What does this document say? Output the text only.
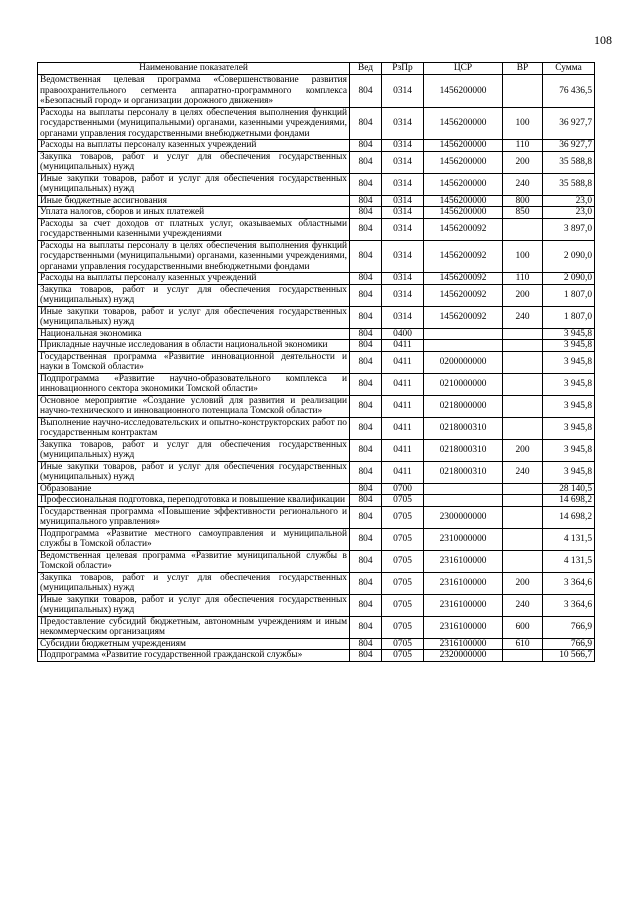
108
Наименование показателей	Вед	РзПр	ЦСР	ВР	Сумма
Ведомственная целевая программа «Совершенствование развития правоохранительного сегмента аппаратно-программного комплекса «Безопасный город» и организации дорожного движения»	804	0314	1456200000		76 436,5
Расходы на выплаты персоналу в целях обеспечения выполнения функций государственными (муниципальными) органами, казенными учреждениями, органами управления государственными внебюджетными фондами	804	0314	1456200000	100	36 927,7
Расходы на выплаты персоналу казенных учреждений	804	0314	1456200000	110	36 927,7
Закупка товаров, работ и услуг для обеспечения государственных (муниципальных) нужд	804	0314	1456200000	200	35 588,8
Иные закупки товаров, работ и услуг для обеспечения государственных (муниципальных) нужд	804	0314	1456200000	240	35 588,8
Иные бюджетные ассигнования	804	0314	1456200000	800	23,0
Уплата налогов, сборов и иных платежей	804	0314	1456200000	850	23,0
Расходы за счет доходов от платных услуг, оказываемых областными государственными казенными учреждениями	804	0314	1456200092		3 897,0
Расходы на выплаты персоналу в целях обеспечения выполнения функций государственными (муниципальными) органами, казенными учреждениями, органами управления государственными внебюджетными фондами	804	0314	1456200092	100	2 090,0
Расходы на выплаты персоналу казенных учреждений	804	0314	1456200092	110	2 090,0
Закупка товаров, работ и услуг для обеспечения государственных (муниципальных) нужд	804	0314	1456200092	200	1 807,0
Иные закупки товаров, работ и услуг для обеспечения государственных (муниципальных) нужд	804	0314	1456200092	240	1 807,0
Национальная экономика	804	0400			3 945,8
Прикладные научные исследования в области национальной экономики	804	0411			3 945,8
Государственная программа «Развитие инновационной деятельности и науки в Томской области»	804	0411	0200000000		3 945,8
Подпрограмма «Развитие научно-образовательного комплекса и инновационного сектора экономики Томской области»	804	0411	0210000000		3 945,8
Основное мероприятие «Создание условий для развития и реализации научно-технического и инновационного потенциала Томской области»	804	0411	0218000000		3 945,8
Выполнение научно-исследовательских и опытно-конструкторских работ по государственным контрактам	804	0411	0218000310		3 945,8
Закупка товаров, работ и услуг для обеспечения государственных (муниципальных) нужд	804	0411	0218000310	200	3 945,8
Иные закупки товаров, работ и услуг для обеспечения государственных (муниципальных) нужд	804	0411	0218000310	240	3 945,8
Образование	804	0700			28 140,5
Профессиональная подготовка, переподготовка и повышение квалификации	804	0705			14 698,2
Государственная программа «Повышение эффективности регионального и муниципального управления»	804	0705	2300000000		14 698,2
Подпрограмма «Развитие местного самоуправления и муниципальной службы в Томской области»	804	0705	2310000000		4 131,5
Ведомственная целевая программа «Развитие муниципальной службы в Томской области»	804	0705	2316100000		4 131,5
Закупка товаров, работ и услуг для обеспечения государственных (муниципальных) нужд	804	0705	2316100000	200	3 364,6
Иные закупки товаров, работ и услуг для обеспечения государственных (муниципальных) нужд	804	0705	2316100000	240	3 364,6
Предоставление субсидий бюджетным, автономным учреждениям и иным некоммерческим организациям	804	0705	2316100000	600	766,9
Субсидии бюджетным учреждениям	804	0705	2316100000	610	766,9
Подпрограмма «Развитие государственной гражданской службы»	804	0705	2320000000		10 566,7
